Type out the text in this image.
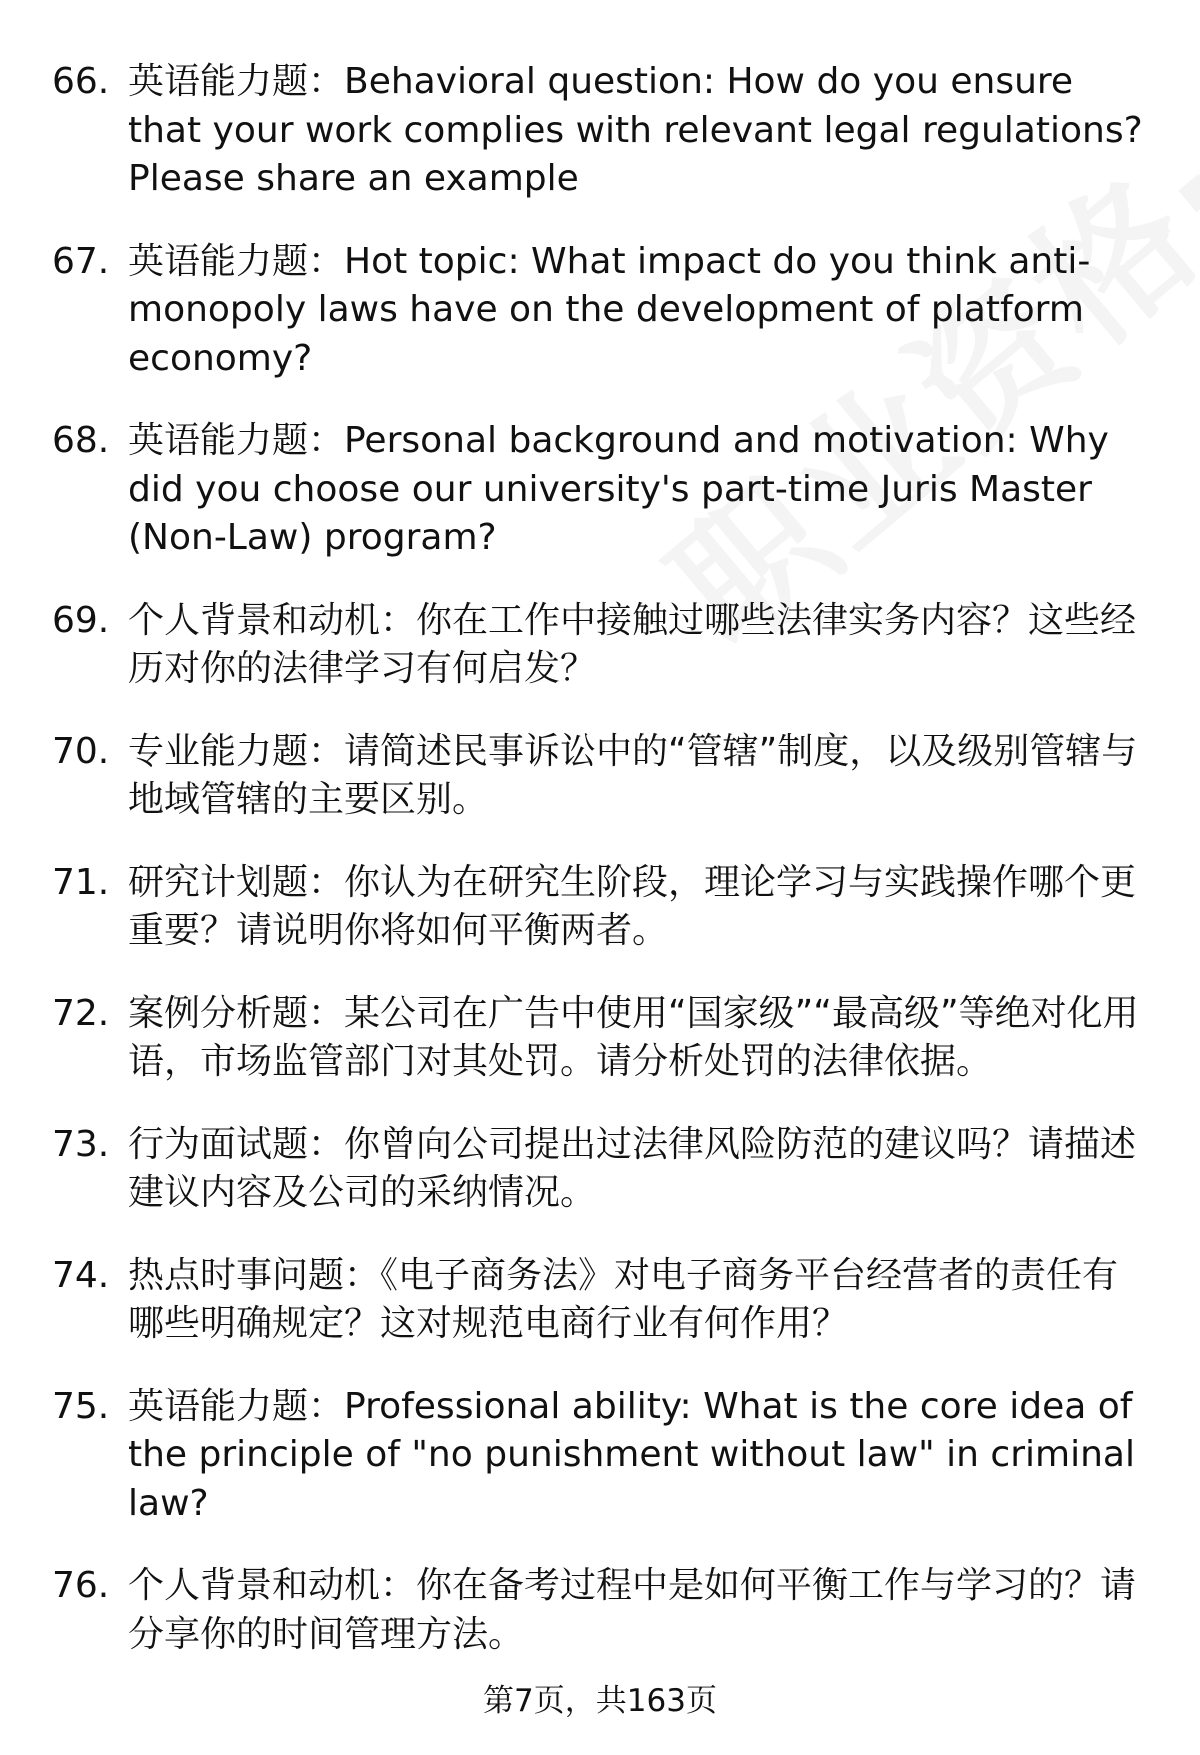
66. 英语能力题：Behavioral question: How do you ensure that your work complies with relevant legal regulations? Please share an example
67. 英语能力题：Hot topic: What impact do you think anti-monopoly laws have on the development of platform economy?
68. 英语能力题：Personal background and motivation: Why did you choose our university's part-time Juris Master (Non-Law) program?
69. 个人背景和动机：你在工作中接触过哪些法律实务内容？这些经历对你的法律学习有何启发？
70. 专业能力题：请简述民事诉讼中的“管辖”制度，以及级别管辖与地域管辖的主要区别。
71. 研究计划题：你认为在研究生阶段，理论学习与实践操作哪个更重要？请说明你将如何平衡两者。
72. 案例分析题：某公司在广告中使用“国家级”“最高级”等绝对化用语，市场监管部门对其处罚。请分析处罚的法律依据。
73. 行为面试题：你曾向公司提出过法律风险防范的建议吗？请描述建议内容及公司的采纳情况。
74. 热点时事问题：《电子商务法》对电子商务平台经营者的责任有哪些明确规定？这对规范电商行业有何作用？
75. 英语能力题：Professional ability: What is the core idea of the principle of "no punishment without law" in criminal law?
76. 个人背景和动机：你在备考过程中是如何平衡工作与学习的？请分享你的时间管理方法。
第7页，共163页
